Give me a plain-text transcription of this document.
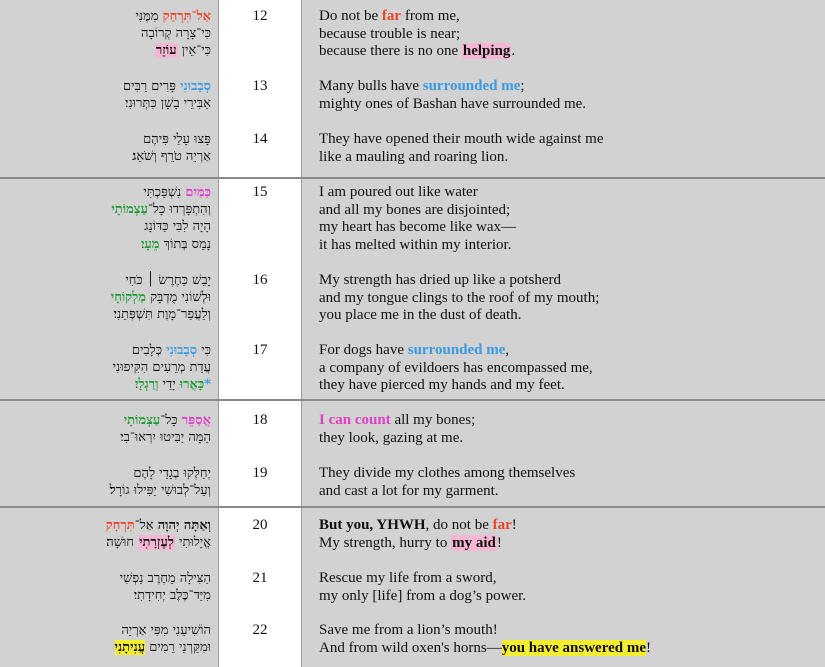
אַל־תִּרְחַק מִמֶּנִּי
כִּי־צָרָה קְרוֹבָה
כִּי־אֵין עוֹזֵר
12	Do not be far from me,
because trouble is near;
because there is no one helping.
סְבָבוּנִי פָּרִים רַבִּים
אַבִּירֵי בָשָׁן כִּתְּרוּנִי׃
13	Many bulls have surrounded me;
mighty ones of Bashan have surrounded me.
פָּצוּ עָלַי פִּיהֶם
אַרְיֵה טֹרֵף וְשֹׁאֵג׃
14	They have opened their mouth wide against me
like a mauling and roaring lion.
כַּמַּיִם נִשְׁפַּכְתִּי
וְהִתְפָּרְדוּ כָּל־עַצְמוֹתָי
הָיָה לִבִּי כַּדּוֹנָג
נָמֵס בְּתוֹךְ מֵעָי
15	I am poured out like water
and all my bones are disjointed;
my heart has become like wax—
it has melted within my interior.
יָבֵשׁ כַּחֶרֶשׂ ׀ כֹּחִי
וּלְשׁוֹנִי מֻדְבָּק מַלְקוֹחָי
וְלַעֲפַר־מָוֶת תִּשְׁפְּתֵנִי׃
16	My strength has dried up like a potsherd
and my tongue clings to the roof of my mouth;
you place me in the dust of death.
כִּי סְבָבוּנִי כְּלָבִים
עֲדַת מְרֵעִים הִקִּיפוּנִי
*כָּאֲרוּ יָדַי וְרַגְלָי
17	For dogs have surrounded me,
a company of evildoers has encompassed me,
they have pierced my hands and my feet.
אֲסַפֵּר כָּל־עַצְמוֹתָי
הֵמָּה יַבִּיטוּ יִרְאוּ־בִי׃
18	I can count all my bones;
they look, gazing at me.
יְחַלְּקוּ בְגָדַי לָהֶם
וְעַל־לְבוּשִׁי יַפִּילוּ גוֹרָל׃
19	They divide my clothes among themselves
and cast a lot for my garment.
וְאַתָּה יְהוָה אַל־תִּרְחָק
אֱיָלוּתִי לְעֶזְרָתִי חוּשָׁה׃
20	But you, YHWH, do not be far!
My strength, hurry to my aid!
הַצִּילָה מֵחֶרֶב נַפְשִׁי
מִיַּד־כֶּלֶב יְחִידָתִי׃
21	Rescue my life from a sword,
my only [life] from a dog’s power.
הוֹשִׁיעֵנִי מִפִּי אַרְיֵה
וּמִקַּרְנֵי רֵמִים עֲנִיתָנִי
22	Save me from a lion’s mouth!
And from wild oxen's horns—you have answered me!
